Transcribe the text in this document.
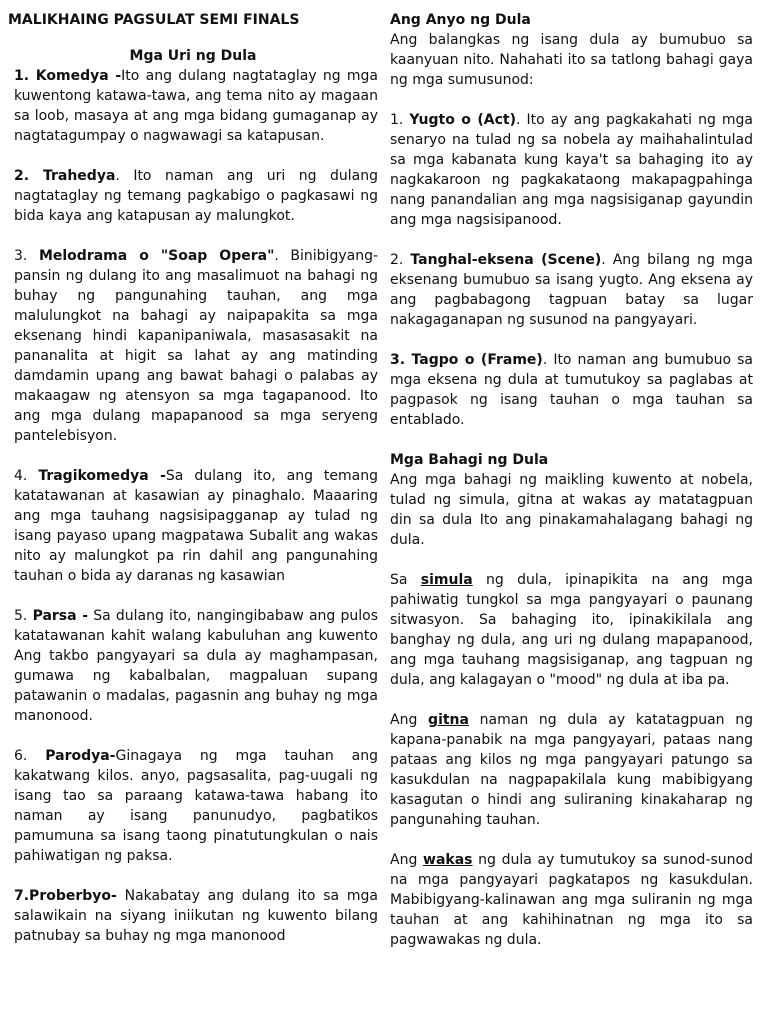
MALIKHAING PAGSULAT SEMI FINALS
Mga Uri ng Dula

1. Komedya -Ito ang dulang nagtataglay ng mga kuwentong katawa-tawa, ang tema nito ay magaan sa loob, masaya at ang mga bidang gumaganap ay nagtatagumpay o nagwawagi sa katapusan.

2. Trahedya. Ito naman ang uri ng dulang nagtataglay ng temang pagkabigo o pagkasawi ng bida kaya ang katapusan ay malungkot.

3. Melodrama o "Soap Opera". Binibigyang-pansin ng dulang ito ang masalimuot na bahagi ng buhay ng pangunahing tauhan, ang mga malulungkot na bahagi ay naipapakita sa mga eksenang hindi kapanipaniwala, masasasakit na pananalita at higit sa lahat ay ang matinding damdamin upang ang bawat bahagi o palabas ay makaagaw ng atensyon sa mga tagapanood. Ito ang mga dulang mapapanood sa mga seryeng pantelebisyon.

4. Tragikomedya -Sa dulang ito, ang temang katatawanan at kasawian ay pinaghalo. Maaaring ang mga tauhang nagsisipagganap ay tulad ng isang payaso upang magpatawa Subalit ang wakas nito ay malungkot pa rin dahil ang pangunahing tauhan o bida ay daranas ng kasawian

5. Parsa - Sa dulang ito, nangingibabaw ang pulos katatawanan kahit walang kabuluhan ang kuwento Ang takbo pangyayari sa dula ay maghampasan, gumawa ng kabalbalan, magpaluan supang patawanin o madalas, pagasnin ang buhay ng mga manonood.

6. Parodya-Ginagaya ng mga tauhan ang kakatwang kilos. anyo, pagsasalita, pag-uugali ng isang tao sa paraang katawa-tawa habang ito naman ay isang panunudyo, pagbatikos pamumuna sa isang taong pinatutungkulan o nais pahiwatigan ng paksa.

7.Proberbyo- Nakabatay ang dulang ito sa mga salawikain na siyang iniikutan ng kuwento bilang patnubay sa buhay ng mga manonood

Ang Anyo ng Dula

Ang balangkas ng isang dula ay bumubuo sa kaanyuan nito. Nahahati ito sa tatlong bahagi gaya ng mga sumusunod:

1. Yugto o (Act). Ito ay ang pagkakahati ng mga senaryo na tulad ng sa nobela ay maihahalintulad sa mga kabanata kung kaya't sa bahaging ito ay nagkakaroon ng pagkakataong makapagpahinga nang panandalian ang mga nagsisiganap gayundin ang mga nagsisipanood.

2. Tanghal-eksena (Scene). Ang bilang ng mga eksenang bumubuo sa isang yugto. Ang eksena ay ang pagbabagong tagpuan batay sa lugar nakagaganapan ng susunod na pangyayari.

3. Tagpo o (Frame). Ito naman ang bumubuo sa mga eksena ng dula at tumutukoy sa paglabas at pagpasok ng isang tauhan o mga tauhan sa entablado.

Mga Bahagi ng Dula

Ang mga bahagi ng maikling kuwento at nobela, tulad ng simula, gitna at wakas ay matatagpuan din sa dula Ito ang pinakamahalagang bahagi ng dula.

Sa simula ng dula, ipinapikita na ang mga pahiwatig tungkol sa mga pangyayari o paunang sitwasyon. Sa bahaging ito, ipinakikilala ang banghay ng dula, ang uri ng dulang mapapanood, ang mga tauhang magsisiganap, ang tagpuan ng dula, ang kalagayan o "mood" ng dula at iba pa.

Ang gitna naman ng dula ay katatagpuan ng kapana-panabik na mga pangyayari, pataas nang pataas ang kilos ng mga pangyayari patungo sa kasukdulan na nagpapakilala kung mabibigyang kasagutan o hindi ang suliraning kinakaharap ng pangunahing tauhan.

Ang wakas ng dula ay tumutukoy sa sunod-sunod na mga pangyayari pagkatapos ng kasukdulan. Mabibigyang-kalinawan ang mga suliranin ng mga tauhan at ang kahihinatnan ng mga ito sa pagwawakas ng dula.
